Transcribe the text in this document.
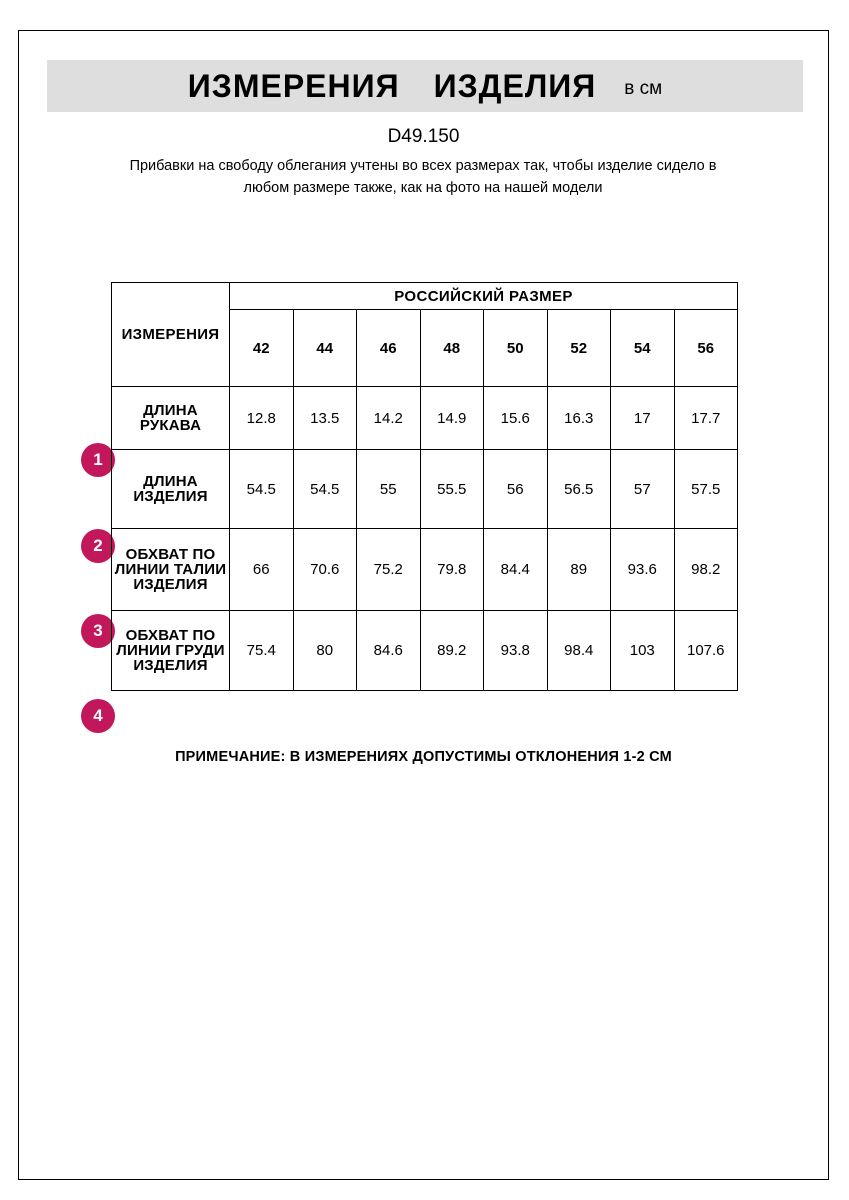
ИЗМЕРЕНИЯ ИЗДЕЛИЯ в см
D49.150
Прибавки на свободу облегания учтены во всех размерах так, чтобы изделие сидело в любом размере также, как на фото на нашей модели
1
2
3
4
ИЗМЕРЕНИЯ	РОССИЙСКИЙ РАЗМЕР							
	42	44	46	48	50	52	54	56
ДЛИНА РУКАВА	12.8	13.5	14.2	14.9	15.6	16.3	17	17.7
ДЛИНА ИЗДЕЛИЯ	54.5	54.5	55	55.5	56	56.5	57	57.5
ОБХВАТ ПО ЛИНИИ ТАЛИИ ИЗДЕЛИЯ	66	70.6	75.2	79.8	84.4	89	93.6	98.2
ОБХВАТ ПО ЛИНИИ ГРУДИ ИЗДЕЛИЯ	75.4	80	84.6	89.2	93.8	98.4	103	107.6
ПРИМЕЧАНИЕ: В ИЗМЕРЕНИЯХ ДОПУСТИМЫ ОТКЛОНЕНИЯ 1-2 СМ
